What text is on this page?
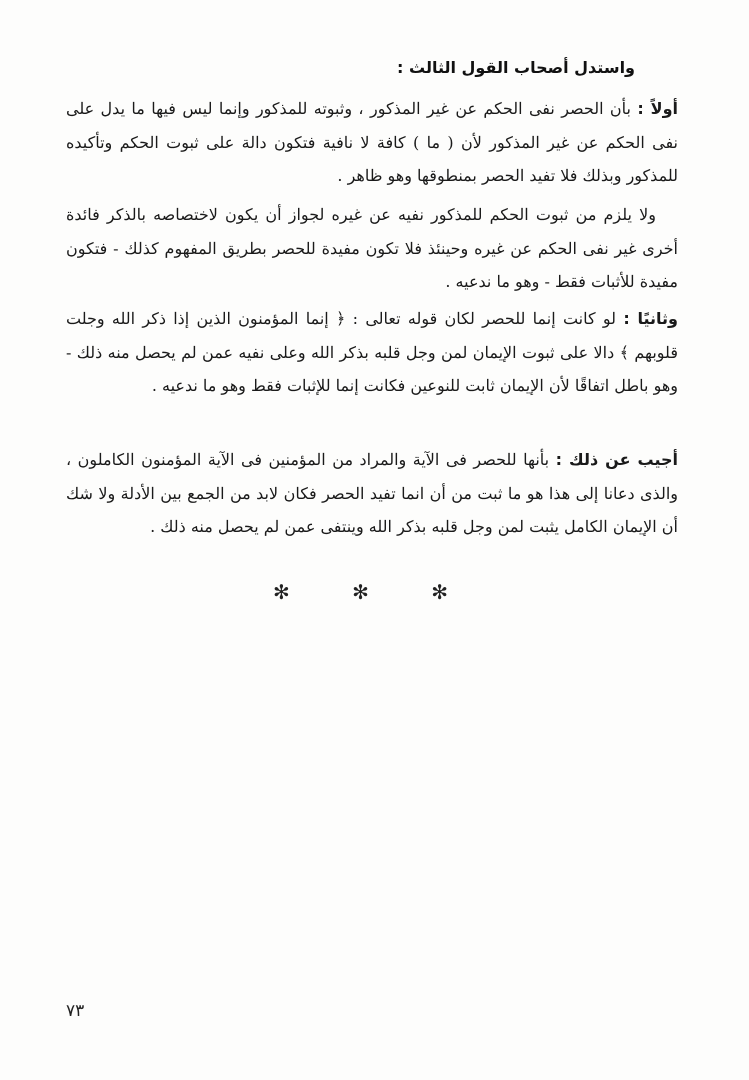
واستدل أصحاب القول الثالث :

أولاً : بأن الحصر نفى الحكم عن غير المذكور ، وثبوته للمذكور وإنما ليس فيها ما يدل على نفى الحكم عن غير المذكور لأن ( ما ) كافة لا نافية فتكون دالة على ثبوت الحكم وتأكيده للمذكور وبذلك فلا تفيد الحصر بمنطوقها وهو ظاهر .

ولا يلزم من ثبوت الحكم للمذكور نفيه عن غيره لجواز أن يكون لاختصاصه بالذكر فائدة أخرى غير نفى الحكم عن غيره وحينئذ فلا تكون مفيدة للحصر بطريق المفهوم كذلك - فتكون مفيدة للأثبات فقط - وهو ما ندعيه .

وثانيًا : لو كانت إنما للحصر لكان قوله تعالى : ﴿ إنما المؤمنون الذين إذا ذكر الله وجلت قلوبهم ﴾ دالا على ثبوت الإيمان لمن وجل قلبه بذكر الله وعلى نفيه عمن لم يحصل منه ذلك - وهو باطل اتفاقًا لأن الإيمان ثابت للنوعين فكانت إنما للإثبات فقط وهو ما ندعيه .

أجيب عن ذلك : بأنها للحصر فى الآية والمراد من المؤمنين فى الآية المؤمنون الكاملون ، والذى دعانا إلى هذا هو ما ثبت من أن انما تفيد الحصر فكان لابد من الجمع بين الأدلة ولا شك أن الإيمان الكامل يثبت لمن وجل قلبه بذكر الله وينتفى عمن لم يحصل منه ذلك .

✻ ✻ ✻
٧٣
